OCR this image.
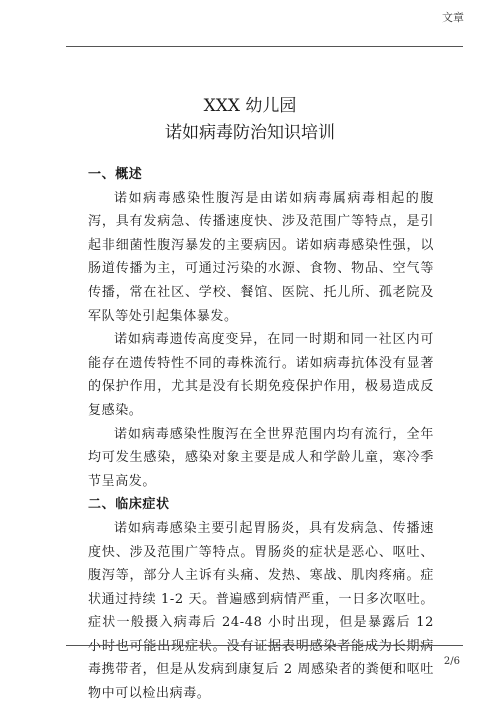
文章
XXX 幼儿园
诺如病毒防治知识培训

一、概述

诺如病毒感染性腹泻是由诺如病毒属病毒相起的腹泻，具有发病急、传播速度快、涉及范围广等特点，是引起非细菌性腹泻暴发的主要病因。诺如病毒感染性强，以肠道传播为主，可通过污染的水源、食物、物品、空气等传播，常在社区、学校、餐馆、医院、托儿所、孤老院及军队等处引起集体暴发。

诺如病毒遗传高度变异，在同一时期和同一社区内可能存在遗传特性不同的毒株流行。诺如病毒抗体没有显著的保护作用，尤其是没有长期免疫保护作用，极易造成反复感染。

诺如病毒感染性腹泻在全世界范围内均有流行，全年均可发生感染，感染对象主要是成人和学龄儿童，寒冷季节呈高发。

二、临床症状

诺如病毒感染主要引起胃肠炎，具有发病急、传播速度快、涉及范围广等特点。胃肠炎的症状是恶心、呕吐、腹泻等，部分人主诉有头痛、发热、寒战、肌肉疼痛。症状通过持续 1-2 天。普遍感到病情严重，一日多次呕吐。症状一般摄入病毒后 24-48 小时出现，但是暴露后 12 小时也可能出现症状。没有证据表明感染者能成为长期病毒携带者，但是从发病到康复后 2 周感染者的粪便和呕吐物中可以检出病毒。

2/6
